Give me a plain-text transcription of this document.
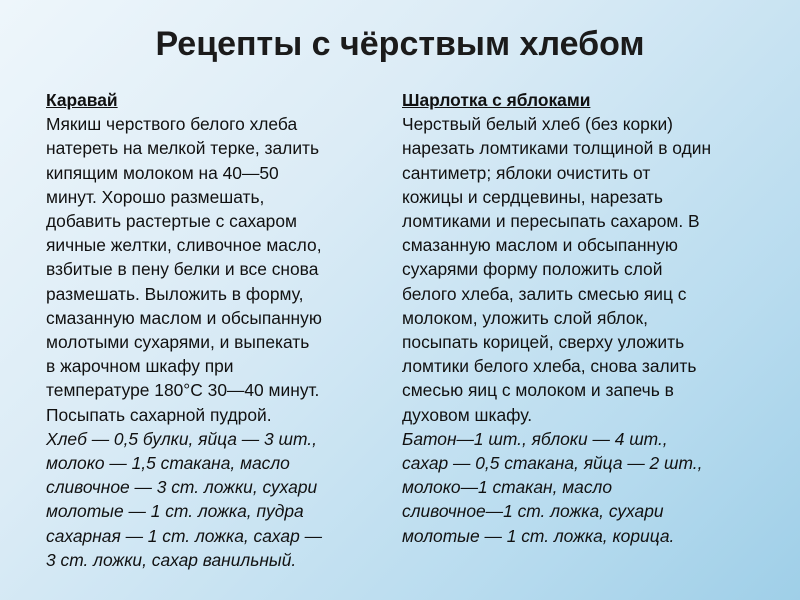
Рецепты с чёрствым хлебом
Каравай
Мякиш черствого белого хлеба
натереть на мелкой терке, залить
кипящим молоком на 40—50
минут. Хорошо размешать,
добавить растертые с сахаром
яичные желтки, сливочное масло,
взбитые в пену белки и все снова
размешать. Выложить в форму,
смазанную маслом и обсыпанную
молотыми сухарями, и выпекать
в жарочном шкафу при
температуре 180°С 30—40 минут.
Посыпать сахарной пудрой.
Хлеб — 0,5 булки, яйца — 3 шт.,
молоко — 1,5 стакана, масло
сливочное — 3 ст. ложки, сухари
молотые — 1 ст. ложка, пудра
сахарная — 1 ст. ложка, сахар —
3 ст. ложки, сахар ванильный.
Шарлотка с яблоками
Черствый белый хлеб (без корки)
нарезать ломтиками толщиной в один
сантиметр; яблоки очистить от
кожицы и сердцевины, нарезать
ломтиками и пересыпать сахаром. В
смазанную маслом и обсыпанную
сухарями форму положить слой
белого хлеба, залить смесью яиц с
молоком, уложить слой яблок,
посыпать корицей, сверху уложить
ломтики белого хлеба, снова залить
смесью яиц с молоком и запечь в
духовом шкафу.
Батон—1 шт., яблоки — 4 шт.,
сахар — 0,5 стакана, яйца — 2 шт.,
молоко—1 стакан, масло
сливочное—1 ст. ложка, сухари
молотые — 1 ст. ложка, корица.
